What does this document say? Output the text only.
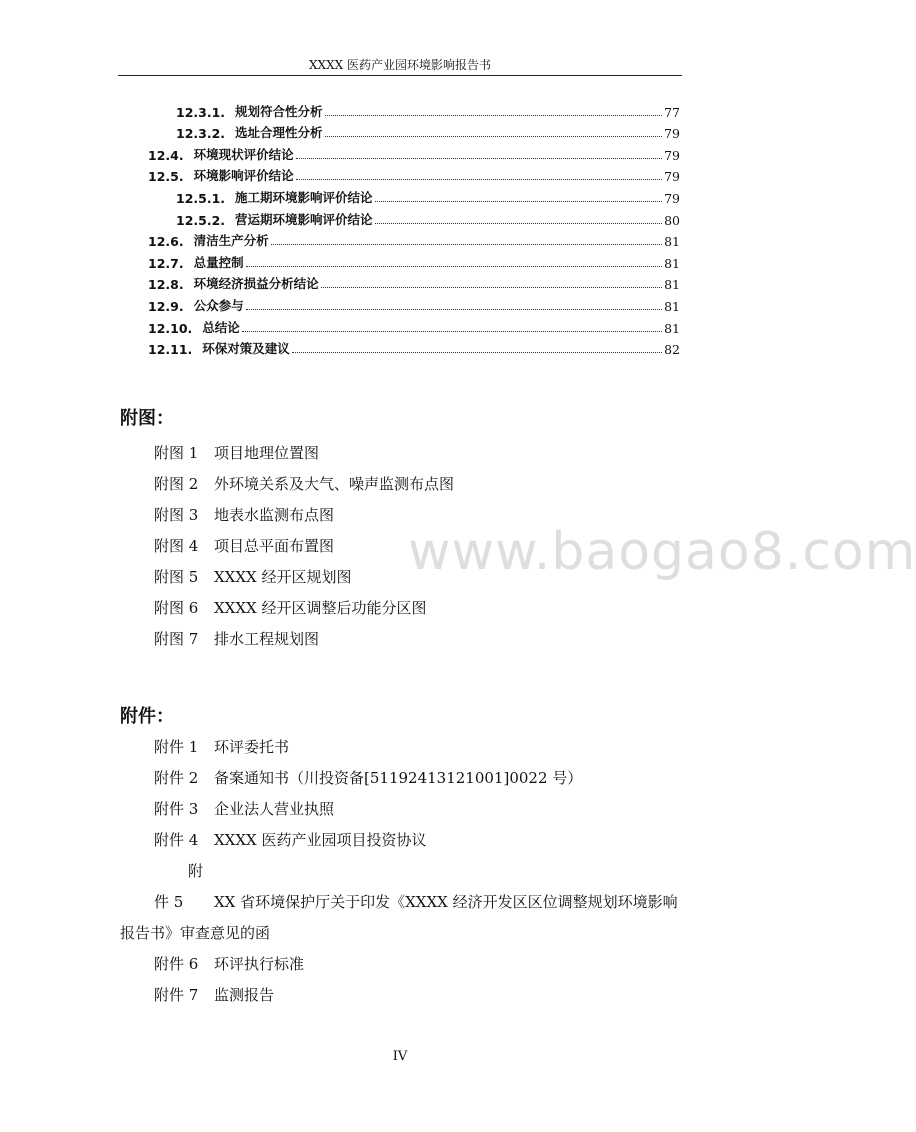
XXXX 医药产业园环境影响报告书
12.3.1. 规划符合性分析	77
12.3.2. 选址合理性分析	79
12.4. 环境现状评价结论	79
12.5. 环境影响评价结论	79
12.5.1. 施工期环境影响评价结论	79
12.5.2. 营运期环境影响评价结论	80
12.6. 清洁生产分析	81
12.7. 总量控制	81
12.8. 环境经济损益分析结论	81
12.9. 公众参与	81
12.10. 总结论	81
12.11. 环保对策及建议	82
附图：
附图 1 项目地理位置图
附图 2 外环境关系及大气、噪声监测布点图
附图 3 地表水监测布点图
附图 4 项目总平面布置图
附图 5 XXXX 经开区规划图
附图 6 XXXX 经开区调整后功能分区图
附图 7 排水工程规划图
附件：
附件 1 环评委托书
附件 2 备案通知书（川投资备[51192413121001]0022 号）
附件 3 企业法人营业执照
附件 4 XXXX 医药产业园项目投资协议
附件 5 XX 省环境保护厅关于印发《XXXX 经济开发区区位调整规划环境影响报告书》审查意见的函
附件 6 环评执行标准
附件 7 监测报告
www.baogao8.com
IV
